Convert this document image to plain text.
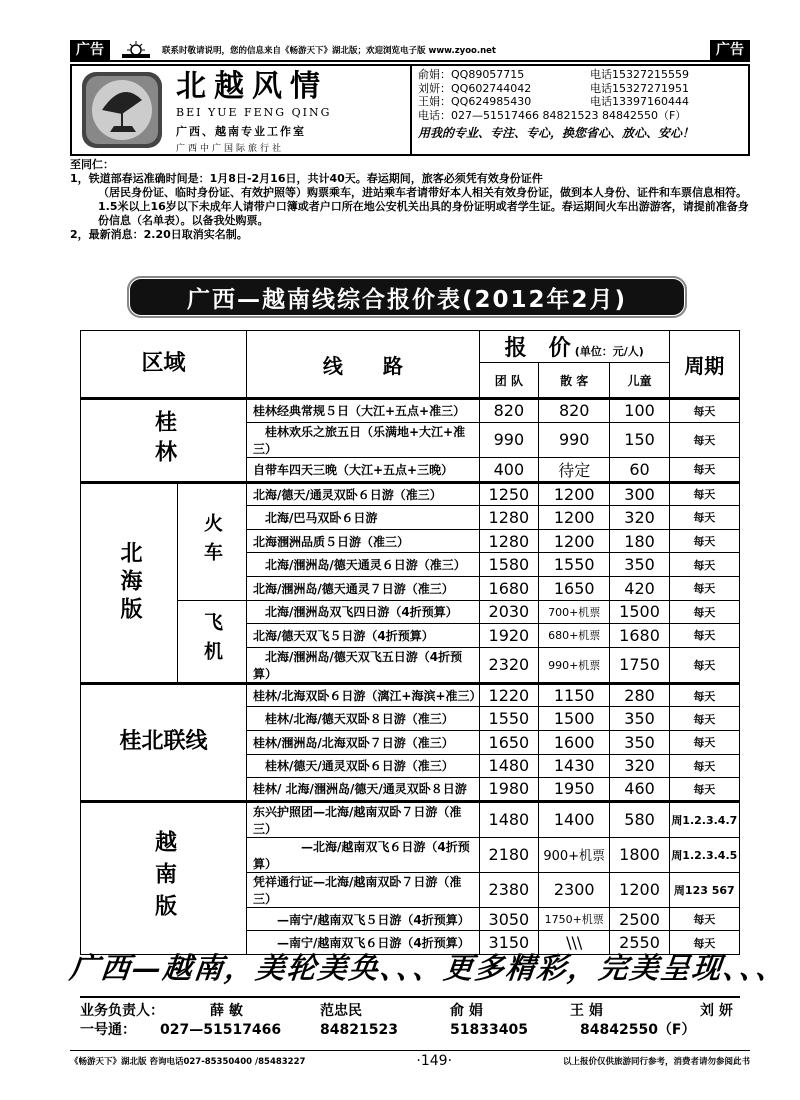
广告	联系时敬请说明，您的信息来自《畅游天下》湖北版；欢迎浏览电子版 www.zyoo.net	广告
北越风情
BEI YUE FENG QING
广西、越南专业工作室
广西中广国际旅行社
俞娟：QQ89057715	电话15327215559
刘妍：QQ602744042	电话15327271951
王娟：QQ624985430	电话13397160444
电话：027—51517466 84821523 84842550（F）
用我的专业、专注、专心，换您省心、放心、安心！
至同仁：
1，铁道部春运准确时间是：1月8日-2月16日，共计40天。春运期间，旅客必须凭有效身份证件
（居民身份证、临时身份证、有效护照等）购票乘车，进站乘车者请带好本人相关有效身份证，做到本人身份、证件和车票信息相符。1.5米以上16岁以下未成年人请带户口簿或者户口所在地公安机关出具的身份证明或者学生证。春运期间火车出游游客，请提前准备身份信息（名单表）。以备我处购票。
2，最新消息：2.20日取消实名制。
广西—越南线综合报价表(2012年2月)
区域		线　　路	报　价 (单位：元/人)			周期
			团 队	散 客	儿童	
桂林		桂林经典常规５日（大江+五点+准三）	820	820	100	每天
		　桂林欢乐之旅五日（乐满地+大江+准三）	990	990	150	每天
		自带车四天三晚（大江+五点+三晚）	400	待定	60	每天
北海版	火车	北海/德天/通灵双卧６日游（准三）	1250	1200	300	每天
		　北海/巴马双卧６日游	1280	1200	320	每天
		北海涠洲品质５日游（准三）	1280	1200	180	每天
		　北海/涠洲岛/德天通灵６日游（准三）	1580	1550	350	每天
		北海/涠洲岛/德天通灵７日游（准三）	1680	1650	420	每天
	飞机	　北海/涠洲岛双飞四日游（4折预算）	2030	700+机票	1500	每天
		北海/德天双飞５日游（4折预算）	1920	680+机票	1680	每天
		　北海/涠洲岛/德天双飞五日游（4折预算）	2320	990+机票	1750	每天
桂北联线		桂林/北海双卧６日游（漓江+海滨+准三）	1220	1150	280	每天
		　桂林/北海/德天双卧８日游（准三）	1550	1500	350	每天
		桂林/涠洲岛/北海双卧７日游（准三）	1650	1600	350	每天
		　桂林/德天/通灵双卧６日游（准三）	1480	1430	320	每天
		桂林/ 北海/涠洲岛/德天/通灵双卧８日游	1980	1950	460	每天
越南版		东兴护照团—北海/越南双卧７日游（准三）	1480	1400	580	周1.2.3.4.7
		　　　　—北海/越南双飞６日游（4折预算）	2180	900+机票	1800	周1.2.3.4.5
		凭祥通行证—北海/越南双卧７日游（准三）	2380	2300	1200	周123 567
		　　—南宁/越南双飞５日游（4折预算）	3050	1750+机票	2500	每天
		　　—南宁/越南双飞６日游（4折预算）	3150	\\\	2550	每天
广西—越南，美轮美奂、、、更多精彩，完美呈现、、、
业务负责人：	薛 敏	范忠民	俞 娟	王 娟	刘 妍
一号通：	027—51517466	84821523	51833405	84842550（F）
《畅游天下》湖北版 咨询电话027-85350400 /85483227	·149·	以上报价仅供旅游同行参考，消费者请勿参阅此书
